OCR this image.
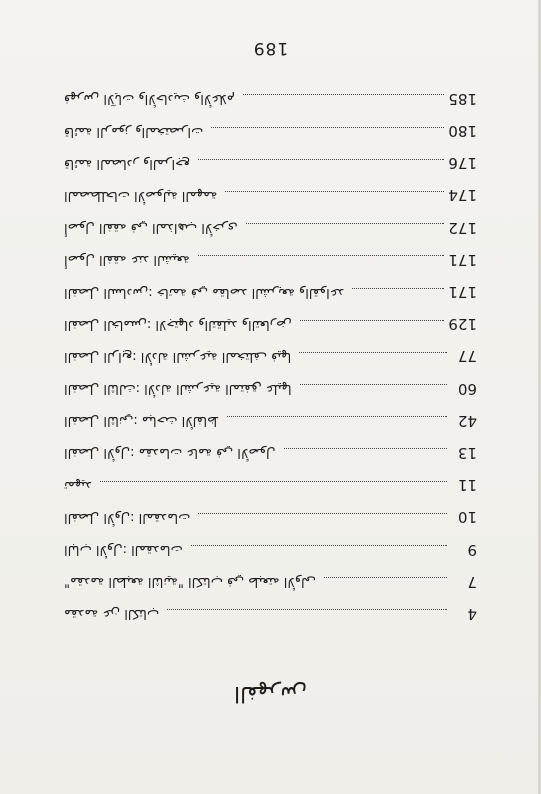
الفهرس
مقدمة عن الكتاب	4
"مقدمة الطبعة الثانية" الكتاب في طبعته الأولى	7
الباب الأول: المقدمات	9
الفصل الأول: المقدمات	10
تمهيد	11
الفصل الأول: مقدمات عامة في الأصول	13
الفصل الثاني: مباحث الألفاظ	42
الفصل الثالث: الأدلة الشرعية المتفق عليها	60
الفصل الرابع: الأدلة الشرعية المختلف فيها	77
الفصل الخامس: الاجتهاد والتقليد والتعارض	129
الفصل السادس: خاتمة في مقاصد الشريعة والقواعد	171
أصول الفقه عند الشيعة	171
أصول الفقه في المذاهب الأخرى	172
المصطلحات الأصولية المهمة	174
قائمة المصادر والمراجع	176
قائمة الرموز والمختصرات	180
فهرس الآيات والأحاديث والأعلام	185
189
